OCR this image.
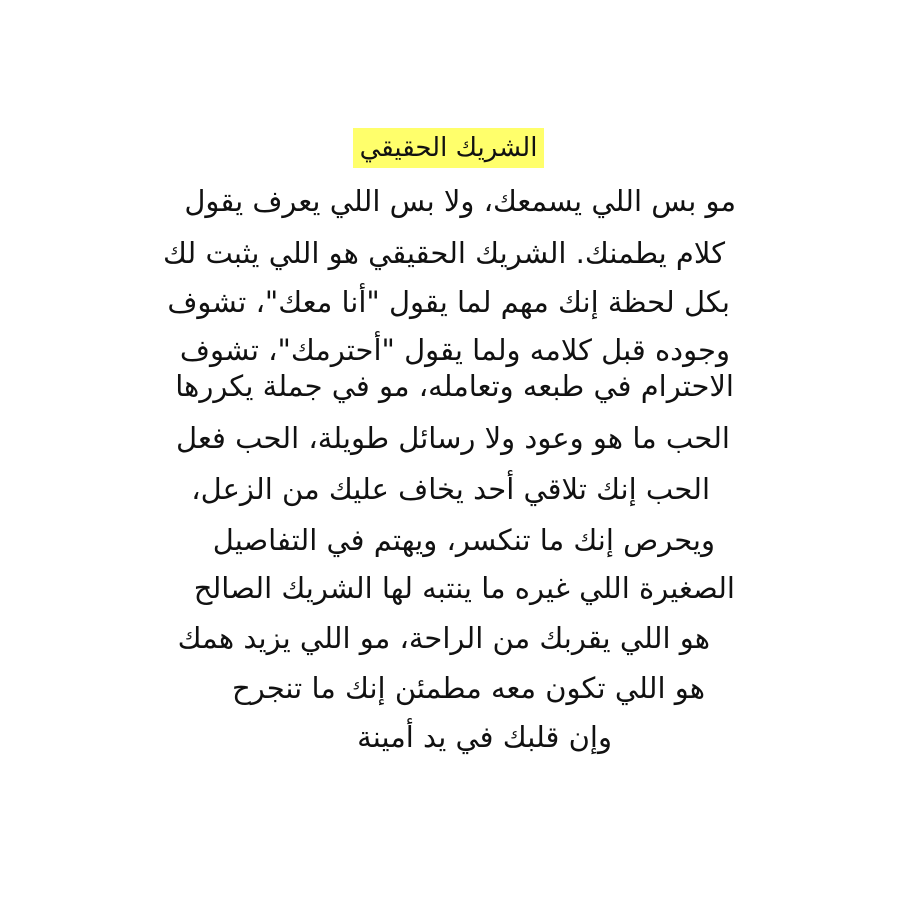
الشريك الحقيقي
مو بس اللي يسمعك، ولا بس اللي يعرف يقول
كلام يطمنك. الشريك الحقيقي هو اللي يثبت لك
بكل لحظة إنك مهم لما يقول "أنا معك"، تشوف
وجوده قبل كلامه ولما يقول "أحترمك"، تشوف
الاحترام في طبعه وتعامله، مو في جملة يكررها
الحب ما هو وعود ولا رسائل طويلة، الحب فعل
الحب إنك تلاقي أحد يخاف عليك من الزعل،
ويحرص إنك ما تنكسر، ويهتم في التفاصيل
الصغيرة اللي غيره ما ينتبه لها الشريك الصالح
هو اللي يقربك من الراحة، مو اللي يزيد همك
هو اللي تكون معه مطمئن إنك ما تنجرح
وإن قلبك في يد أمينة
